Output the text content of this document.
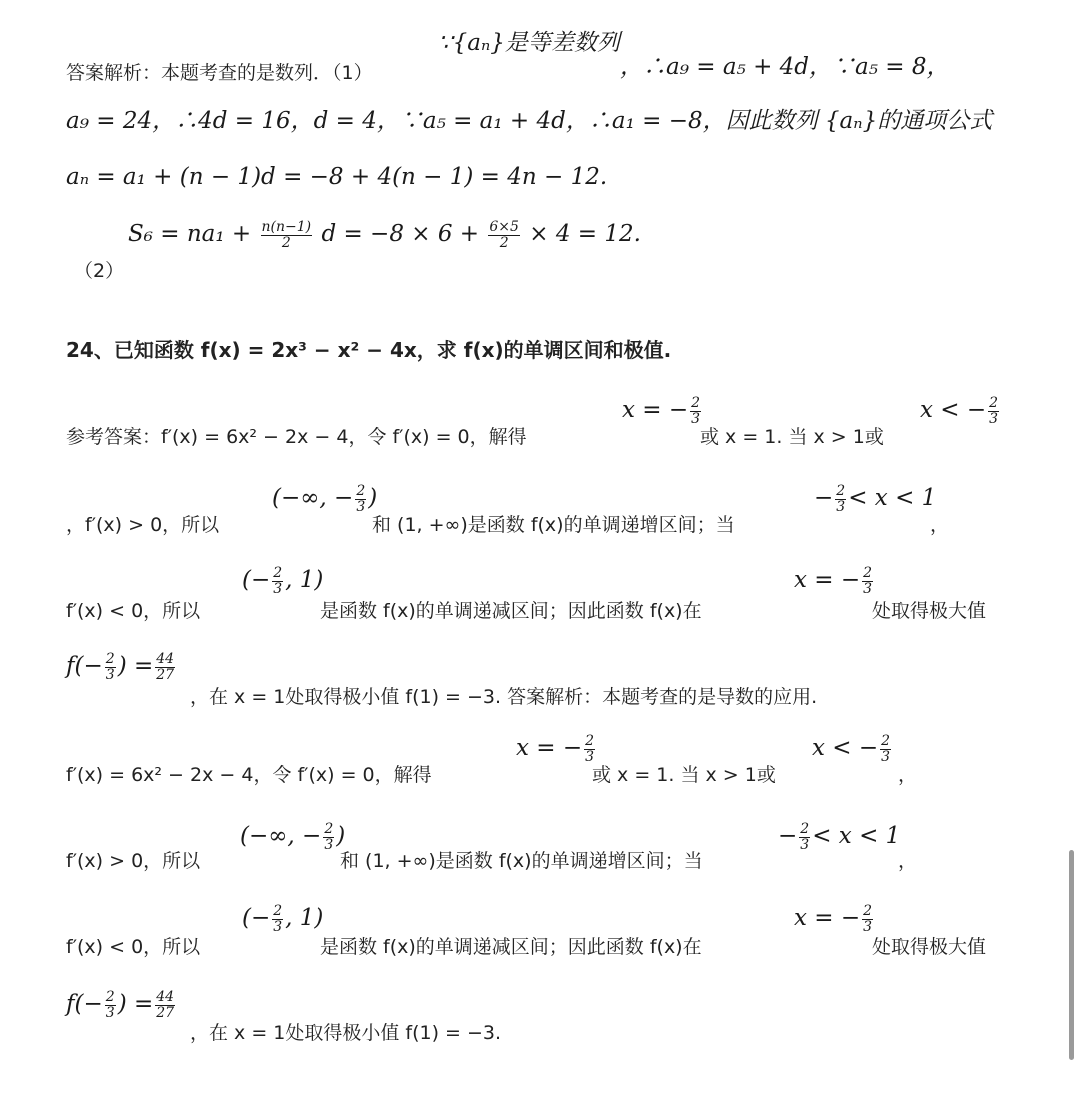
∵{aₙ}是等差数列
答案解析：本题考查的是数列．（1）	，∴a₉ = a₅ + 4d，∵a₅ = 8，
a₉ = 24，∴4d = 16，d = 4，∵a₅ = a₁ + 4d，∴a₁ = −8，因此数列 {aₙ}的通项公式
aₙ = a₁ + (n − 1)d = −8 + 4(n − 1) = 4n − 12.
（2）
$S_6 = na_1 + \frac{n(n-1)}{2}$ $d = -8 \times 6 + \frac{6\times 5}{2} \times 4 = 12$.
24、已知函数 f(x) = 2x³ − x² − 4x，求 f(x)的单调区间和极值.
参考答案：f′(x) = 6x² − 2x − 4，令 f′(x) = 0，解得
x = − $\frac{2}{3}$
或 x = 1. 当 x > 1或
x < − $\frac{2}{3}$
，f′(x) > 0，所以
(−∞, − $\frac{2}{3}$ )
和 (1, +∞)是函数 f(x)的单调递增区间；当
− $\frac{2}{3} < x < 1$
，
f′(x) < 0，所以
(− $\frac{2}{3}$ , 1)
是函数 f(x)的单调递减区间；因此函数 f(x)在
x = − $\frac{2}{3}$
处取得极大值
$f(- \frac{2}{3}$ ) = $\frac{44}{27}$
，在 x = 1处取得极小值 f(1) = −3. 答案解析：本题考查的是导数的应用.
f′(x) = 6x² − 2x − 4，令 f′(x) = 0，解得
x = − $\frac{2}{3}$
或 x = 1. 当 x > 1或
x < − $\frac{2}{3}$
，
f′(x) > 0，所以
(−∞, − $\frac{2}{3}$ )
和 (1, +∞)是函数 f(x)的单调递增区间；当
− $\frac{2}{3} < x < 1$
，
f′(x) < 0，所以
(− $\frac{2}{3}$ , 1)
是函数 f(x)的单调递减区间；因此函数 f(x)在
x = − $\frac{2}{3}$
处取得极大值
$f(- \frac{2}{3}$ ) = $\frac{44}{27}$
，在 x = 1处取得极小值 f(1) = −3.
